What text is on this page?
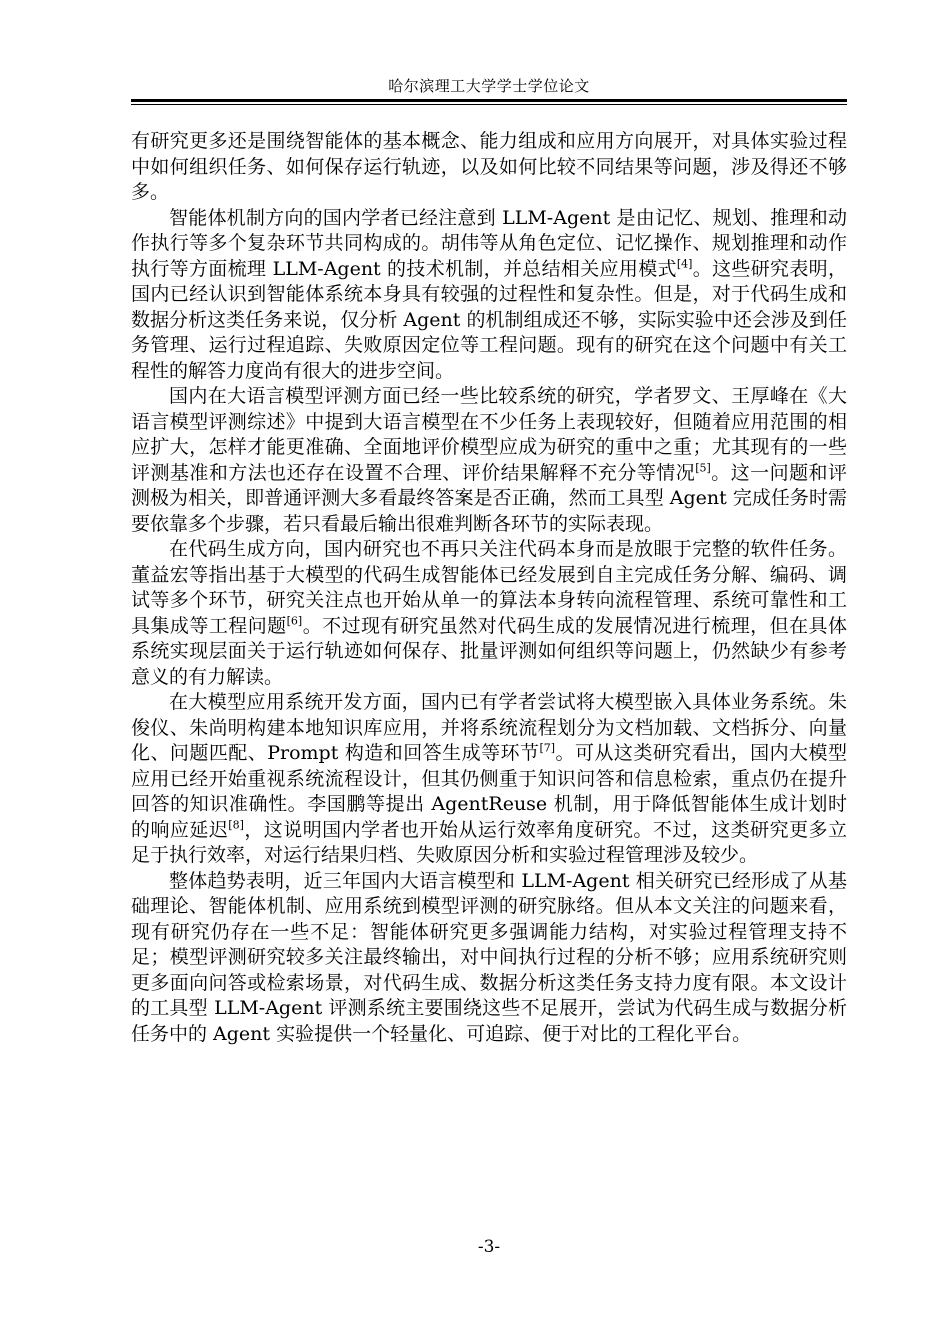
哈尔滨理工大学学士学位论文

有研究更多还是围绕智能体的基本概念、能力组成和应用方向展开，对具体实验过程中如何组织任务、如何保存运行轨迹，以及如何比较不同结果等问题，涉及得还不够多。

智能体机制方向的国内学者已经注意到 LLM-Agent 是由记忆、规划、推理和动作执行等多个复杂环节共同构成的。胡伟等从角色定位、记忆操作、规划推理和动作执行等方面梳理 LLM-Agent 的技术机制，并总结相关应用模式[4]。这些研究表明，国内已经认识到智能体系统本身具有较强的过程性和复杂性。但是，对于代码生成和数据分析这类任务来说，仅分析 Agent 的机制组成还不够，实际实验中还会涉及到任务管理、运行过程追踪、失败原因定位等工程问题。现有的研究在这个问题中有关工程性的解答力度尚有很大的进步空间。

国内在大语言模型评测方面已经一些比较系统的研究，学者罗文、王厚峰在《大语言模型评测综述》中提到大语言模型在不少任务上表现较好，但随着应用范围的相应扩大，怎样才能更准确、全面地评价模型应成为研究的重中之重；尤其现有的一些评测基准和方法也还存在设置不合理、评价结果解释不充分等情况[5]。这一问题和评测极为相关，即普通评测大多看最终答案是否正确，然而工具型 Agent 完成任务时需要依靠多个步骤，若只看最后输出很难判断各环节的实际表现。

在代码生成方向，国内研究也不再只关注代码本身而是放眼于完整的软件任务。董益宏等指出基于大模型的代码生成智能体已经发展到自主完成任务分解、编码、调试等多个环节，研究关注点也开始从单一的算法本身转向流程管理、系统可靠性和工具集成等工程问题[6]。不过现有研究虽然对代码生成的发展情况进行梳理，但在具体系统实现层面关于运行轨迹如何保存、批量评测如何组织等问题上，仍然缺少有参考意义的有力解读。

在大模型应用系统开发方面，国内已有学者尝试将大模型嵌入具体业务系统。朱俊仪、朱尚明构建本地知识库应用，并将系统流程划分为文档加载、文档拆分、向量化、问题匹配、Prompt 构造和回答生成等环节[7]。可从这类研究看出，国内大模型应用已经开始重视系统流程设计，但其仍侧重于知识问答和信息检索，重点仍在提升回答的知识准确性。李国鹏等提出 AgentReuse 机制，用于降低智能体生成计划时的响应延迟[8]，这说明国内学者也开始从运行效率角度研究。不过，这类研究更多立足于执行效率，对运行结果归档、失败原因分析和实验过程管理涉及较少。

整体趋势表明，近三年国内大语言模型和 LLM-Agent 相关研究已经形成了从基础理论、智能体机制、应用系统到模型评测的研究脉络。但从本文关注的问题来看，现有研究仍存在一些不足：智能体研究更多强调能力结构，对实验过程管理支持不足；模型评测研究较多关注最终输出，对中间执行过程的分析不够；应用系统研究则更多面向问答或检索场景，对代码生成、数据分析这类任务支持力度有限。本文设计的工具型 LLM-Agent 评测系统主要围绕这些不足展开，尝试为代码生成与数据分析任务中的 Agent 实验提供一个轻量化、可追踪、便于对比的工程化平台。

-3-
